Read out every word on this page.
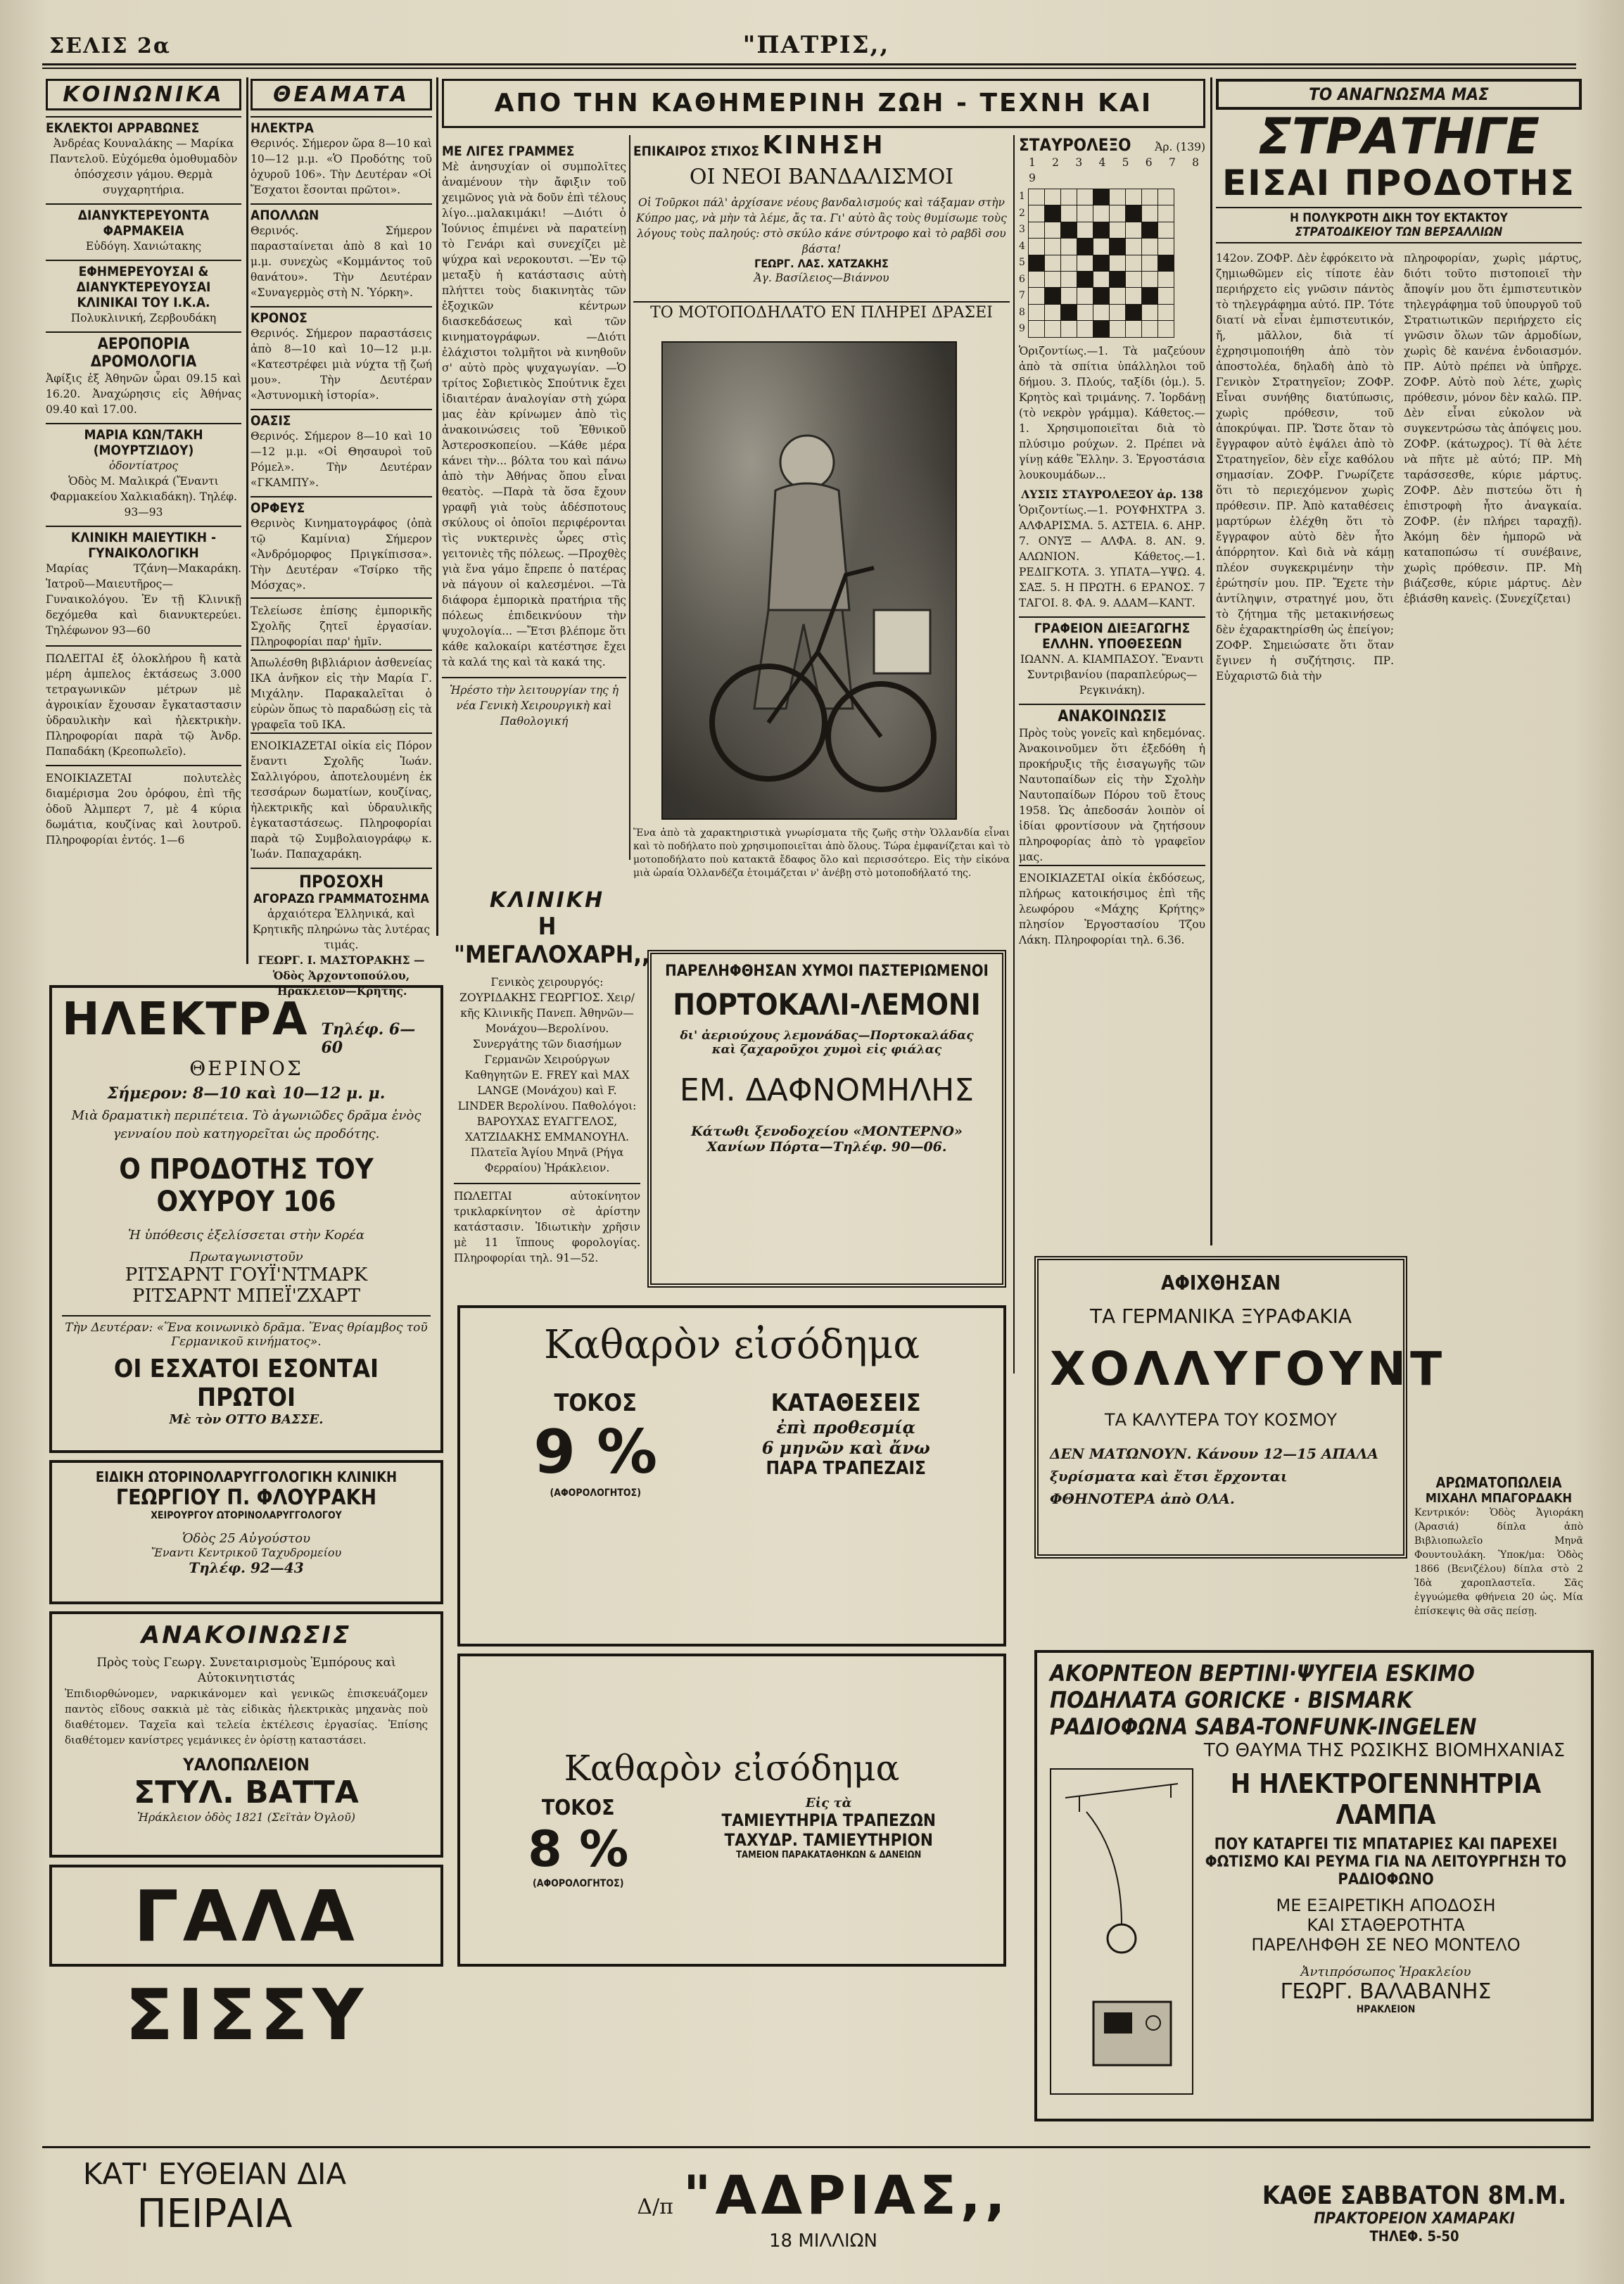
ΣΕΛΙΣ 2α	"ΠΑΤΡΙΣ,,
ΚΟΙΝΩΝΙΚΑ
ΕΚΛΕΚΤΟΙ ΑΡΡΑΒΩΝΕΣ
Ἀνδρέας Κουναλάκης — Μαρίκα Παντελοῦ. Εὐχόμεθα ὁμοθυμαδὸν ὁπόσχεσιν γάμου. Θερμὰ συγχαρητήρια.
ΔΙΑΝΥΚΤΕΡΕΥΟΝΤΑ ΦΑΡΜΑΚΕΙΑ
Εὐδόγη. Χανιώτακης
ΕΦΗΜΕΡΕΥΟΥΣΑΙ & ΔΙΑΝΥΚΤΕΡΕΥΟΥΣΑΙ ΚΛΙΝΙΚΑΙ ΤΟΥ Ι.Κ.Α.
Πολυκλινική, Ζερβουδάκη
ΑΕΡΟΠΟΡΙΑ ΔΡΟΜΟΛΟΓΙΑ
Ἀφίξις ἐξ Ἀθηνῶν ὧραι 09.15 καὶ 16.20. Ἀναχώρησις εἰς Ἀθήνας 09.40 καὶ 17.00.
ΜΑΡΙΑ ΚΩΝ/ΤΑΚΗ (ΜΟΥΡΤΖΙΔΟΥ)
ὀδοντίατρος
Ὁδὸς Μ. Μαλικρά (Ἔναντι Φαρμακείου Χαλκιαδάκη). Τηλέφ. 93—93
ΚΛΙΝΙΚΗ ΜΑΙΕΥΤΙΚΗ - ΓΥΝΑΙΚΟΛΟΓΙΚΗ
Μαρίας Τζάνη—Μακαράκη. Ἰατροῦ—Μαιευτῆρος—Γυναικολόγου. Ἐν τῇ Κλινικῇ δεχόμεθα καὶ διανυκτερεύει. Τηλέφωνον 93—60
ΠΩΛΕΙΤΑΙ ἐξ ὁλοκλήρου ἢ κατὰ μέρη ἀμπελος ἐκτάσεως 3.000 τετραγωνικῶν μέτρων μὲ ἀγροικίαν ἔχουσαν ἔγκαταστασιν ὑδραυλικὴν καὶ ἠλεκτρικὴν. Πληροφορίαι παρὰ τῷ Ἀνδρ. Παπαδάκη (Κρεοπωλεῖο).
ΕΝΟΙΚΙΑΖΕΤΑΙ πολυτελὲς διαμέρισμα 2ου ὀρόφου, ἐπὶ τῆς ὁδοῦ Ἀλμπερτ 7, μὲ 4 κύρια δωμάτια, κουζίνας καὶ λουτροῦ. Πληροφορίαι ἐντός. 1—6
ΘΕΑΜΑΤΑ
ΗΛΕΚΤΡΑ
Θερινός. Σήμερον ὥρα 8—10 καὶ 10—12 μ.μ. «Ὁ Προδότης τοῦ ὀχυροῦ 106». Τὴν Δευτέραν «Οἱ Ἔσχατοι ἔσονται πρῶτοι».
ΑΠΟΛΛΩΝ
Θερινός. Σήμερον παρασταίνεται ἀπὸ 8 καὶ 10 μ.μ. συνεχὼς «Κομμάντος τοῦ θανάτου». Τὴν Δευτέραν «Συναγερμὸς στὴ Ν. Ὑόρκη».
ΚΡΟΝΟΣ
Θερινός. Σήμερον παραστάσεις ἀπὸ 8—10 καὶ 10—12 μ.μ. «Κατεστρέφει μιὰ νύχτα τῇ ζωή μου». Τὴν Δευτέραν «Ἀστυνομικὴ ἱστορία».
ΟΑΣΙΣ
Θερινός. Σήμερον 8—10 καὶ 10—12 μ.μ. «Οἱ Θησαυροὶ τοῦ Ρόμελ». Τὴν Δευτέραν «ΓΚΑΜΠΥ».
ΟΡΦΕΥΣ
Θερινὸς Κινηματογράφος (ὀπὰ τῷ Καμίνια) Σήμερον «Ἀνδρόμορφος Πριγκίπισσα». Τὴν Δευτέραν «Τσίρκο τῆς Μόσχας».
Τελείωσε ἐπίσης ἐμπορικῆς Σχολῆς ζητεῖ ἐργασίαν. Πληροφορίαι παρ' ἡμῖν.
Ἀπωλέσθη βιβλιάριον ἀσθενείας ΙΚΑ ἀνῆκον εἰς τὴν Μαρία Γ. Μιχάλην. Παρακαλεῖται ὁ εὑρὼν ὅπως τὸ παραδώσῃ εἰς τὰ γραφεῖα τοῦ ΙΚΑ.
ΕΝΟΙΚΙΑΖΕΤΑΙ οἰκία εἰς Πόρον ἔναντι Σχολῆς Ἰωάν. Σαλλιγόρου, ἀποτελουμένη ἐκ τεσσάρων δωματίων, κουζίνας, ἠλεκτρικῆς καὶ ὑδραυλικῆς ἐγκαταστάσεως. Πληροφορίαι παρὰ τῷ Συμβολαιογράφῳ κ. Ἰωάν. Παπαχαράκη.
ΠΡΟΣΟΧΗ
ΑΓΟΡΑΖΩ ΓΡΑΜΜΑΤΟΣΗΜΑ
ἀρχαιότερα Ἑλληνικά, καὶ Κρητικῆς πληρώνω τὰς λυτέρας τιμάς.
ΓΕΩΡΓ. Ι. ΜΑΣΤΟΡΑΚΗΣ — Ὁδὸς Ἀρχοντοπούλου, Ἡρακλεῖον—Κρήτης.
ΑΠΟ ΤΗΝ ΚΑΘΗΜΕΡΙΝΗ ΖΩΗ - ΤΕΧΝΗ ΚΑΙ ΚΙΝΗΣΗ
ΜΕ ΛΙΓΕΣ ΓΡΑΜΜΕΣ
Μὲ ἀνησυχίαν οἱ συμπολῖτες ἀναμένουν τὴν ἄφιξιν τοῦ χειμῶνος γιὰ νὰ δοῦν ἐπὶ τέλους λίγο...μαλακιμάκι! —Διότι ὁ Ἰούνιος ἐπιμένει νὰ παρατείνῃ τὸ Γενάρι καὶ συνεχίζει μὲ ψύχρα καὶ νεροκουτσι. —Ἐν τῷ μεταξὺ ἡ κατάστασις αὐτὴ πλήττει τοὺς διακινητὰς τῶν ἐξοχικῶν κέντρων διασκεδάσεως καὶ τῶν κινηματογράφων. —Διότι ἐλάχιστοι τολμῆτοι νὰ κινηθοῦν σ' αὐτὸ πρὸς ψυχαγωγίαν. —Ὁ τρίτος Σοβιετικὸς Σπούτνικ ἔχει ἰδιαιτέραν ἀναλογίαν στὴ χώρα μας ἐὰν κρίνωμεν ἀπὸ τὶς ἀνακοινώσεις τοῦ Ἐθνικοῦ Ἀστεροσκοπείου. —Κάθε μέρα κάνει τὴν... βόλτα του καὶ πάνω ἀπὸ τὴν Ἀθήνας ὅπου εἶναι θεατὸς. —Παρὰ τὰ ὅσα ἔχουν γραφῆ γιὰ τοὺς ἀδέσποτους σκύλους οἱ ὁποῖοι περιφέρονται τὶς νυκτερινὲς ὧρες στὶς γειτονιὲς τῆς πόλεως. —Προχθὲς γιὰ ἕνα γάμο ἔπρεπε ὁ πατέρας νὰ πάγουν οἱ καλεσμένοι. —Τὰ διάφορα ἐμπορικὰ πρατήρια τῆς πόλεως ἐπιδεικνύουν τὴν ψυχολογία... —Ἔτσι βλέπομε ὅτι κάθε καλοκαίρι κατέστησε ἔχει τὰ καλά της καὶ τὰ κακά της.
Ἠρέστο τὴν λειτουργίαν της ἡ νέα Γενικὴ Χειρουργικὴ καὶ Παθολογική
ΕΠΙΚΑΙΡΟΣ ΣΤΙΧΟΣ
ΟΙ ΝΕΟΙ ΒΑΝΔΑΛΙΣΜΟΙ
Οἱ Τοῦρκοι πάλ' ἀρχίσανε νέους βανδαλισμούς καὶ τάξαμαν στὴν Κύπρο μας, νὰ μὴν τὰ λέμε, ἄς τα. Γι' αὐτὸ ἂς τοὺς θυμίσωμε τοὺς λόγους τοὺς παληούς: στὸ σκύλο κάνε σύντροφο καὶ τὸ ραβδὶ σου βάστα!
ΓΕΩΡΓ. ΛΑΣ. ΧΑΤΖΑΚΗΣ
Ἀγ. Βασίλειος—Βιάννου
ΤΟ ΜΟΤΟΠΟΔΗΛΑΤΟ ΕΝ ΠΛΗΡΕΙ ΔΡΑΣΕΙ
Ἕνα ἀπὸ τὰ χαρακτηριστικὰ γνωρίσματα τῆς ζωῆς στὴν Ὁλλανδία εἶναι καὶ τὸ ποδήλατο ποὺ χρησιμοποιεῖται ἀπὸ ὅλους. Τώρα ἐμφανίζεται καὶ τὸ μοτοποδήλατο ποὺ κατακτᾶ ἔδαφος ὅλο καὶ περισσότερο. Εἰς τὴν εἰκόνα μιὰ ὡραία Ὁλλανδέζα ἑτοιμάζεται ν' ἀνέβῃ στὸ μοτοποδήλατό της.
ΣΤΑΥΡΟΛΕΞΟ Ἀρ. (139)
1 2 3 4 5 6 7 8 9
1
2
3
4
5
6
7
8
9

Ὁριζοντίως.—1. Τὰ μαζεύουν ἀπὸ τὰ σπίτια ὑπάλληλοι τοῦ δήμου. 3. Πλούς, ταξίδι (ὁμ.). 5. Κρητὸς καὶ τριμάνης. 7. Ἰορδάνῃ (τὸ νεκρὸν γράμμα). Κάθετος.—1. Χρησιμοποιεῖται διὰ τὸ πλύσιμο ρούχων. 2. Πρέπει νὰ γίνῃ κάθε Ἕλλην. 3. Ἐργοστάσια λουκουμάδων...
ΛΥΣΙΣ ΣΤΑΥΡΟΛΕΞΟΥ ἀρ. 138
Ὁριζοντίως.—1. ΡΟΥΦΗΧΤΡΑ 3. ΑΛΦΑΡΙΣΜΑ. 5. ΑΣΤΕΙΑ. 6. ΑΗΡ. 7. ΟΝΥΞ — ΑΛΦΑ. 8. ΑΝ. 9. ΑΛΩΝΙΟΝ. Κάθετος.—1. ΡΕΔΙΓΚΟΤΑ. 3. ΥΠΑΤΑ—ΥΨΩ. 4. ΣΑΞ. 5. Η ΠΡΩΤΗ. 6 ΕΡΑΝΟΣ. 7 ΤΑΓΟΙ. 8. ΦΑ. 9. ΑΔΑΜ—ΚΑΝΤ.
ΓΡΑΦΕΙΟΝ ΔΙΕΞΑΓΩΓΗΣ ΕΛΛΗΝ. ΥΠΟΘΕΣΕΩΝ
ΙΩΑΝΝ. Α. ΚΙΑΜΠΑΣΟΥ. Ἔναντι Συντριβανίου (παραπλεύρως—Ρεγκινάκη).
ΑΝΑΚΟΙΝΩΣΙΣ
Πρὸς τοὺς γονεῖς καὶ κηδεμόνας. Ἀνακοινοῦμεν ὅτι ἐξεδόθη ἡ προκήρυξις τῆς ἐισαγωγῆς τῶν Ναυτοπαίδων εἰς τὴν Σχολὴν Ναυτοπαίδων Πόρου τοῦ ἔτους 1958. Ὡς ἀπεδοσάν λοιπὸν οἱ ἰδίαι φροντίσουν νὰ ζητήσουν πληροφορίας ἀπὸ τὸ γραφεῖον μας.
ΕΝΟΙΚΙΑΖΕΤΑΙ οἰκία ἐκδόσεως, πλήρως κατοικήσιμος ἐπὶ τῆς λεωφόρου «Μάχης Κρήτης» πλησίον Ἐργοστασίου Τζου Λάκη. Πληροφορίαι τηλ. 6.36.
ΤΟ ΑΝΑΓΝΩΣΜΑ ΜΑΣ
ΣΤΡΑΤΗΓΕ
ΕΙΣΑΙ ΠΡΟΔΟΤΗΣ
Η ΠΟΛΥΚΡΟΤΗ ΔΙΚΗ ΤΟΥ ΕΚΤΑΚΤΟΥ
ΣΤΡΑΤΟΔΙΚΕΙΟΥ ΤΩΝ ΒΕΡΣΑΛΛΙΩΝ
142ον. ΖΟΦΡ. Δὲν ἐφρόκειτο νὰ ζημιωθῶμεν εἰς τίποτε ἐὰν περιήρχετο εἰς γνῶσιν πάντὸς τὸ τηλεγράφημα αὐτό. ΠΡ. Τότε διατί νὰ εἶναι ἐμπιστευτικόν, ἤ, μᾶλλον, διὰ τί ἐχρησιμοποιήθη ἀπὸ τὸν ἀποστολέα, δηλαδὴ ἀπὸ τὸ Γενικὸν Στρατηγεῖον; ΖΟΦΡ. Εἶναι συνήθης διατύπωσις, χωρὶς πρόθεσιν, τοῦ ἀποκρύψαι. ΠΡ. Ὥστε ὅταν τὸ ἔγγραφον αὐτὸ ἐψάλει ἀπὸ τὸ Στρατηγεῖον, δὲν εἶχε καθόλου σημασίαν. ΖΟΦΡ. Γνωρίζετε ὅτι τὸ περιεχόμενον χωρὶς πρόθεσιν. ΠΡ. Ἀπὸ καταθέσεις μαρτύρων ἐλέχθη ὅτι τὸ ἔγγραφον αὐτὸ δὲν ἦτο ἀπόρρητον. Καὶ διὰ νὰ κάμῃ πλέον συγκεκριμένην τὴν ἐρώτησίν μου. ΠΡ. Ἔχετε τὴν ἀντίληψιν, στρατηγέ μου, ὅτι τὸ ζήτημα τῆς μετακινήσεως δὲν ἐχαρακτηρίσθη ὡς ἐπείγον; ΖΟΦΡ. Σημειώσατε ὅτι ὅταν ἔγινεν ἡ συζήτησις. ΠΡ. Εὐχαριστῶ διὰ τὴν
πληροφορίαν, χωρὶς μάρτυς, διότι τοῦτο πιστοποιεῖ τὴν ἄποψίν μου ὅτι ἐμπιστευτικὸν τηλεγράφημα τοῦ ὑπουργοῦ τοῦ Στρατιωτικῶν περιήρχετο εἰς γνῶσιν ὅλων τῶν ἀρμοδίων, χωρὶς δὲ κανένα ἐνδοιασμόν. ΠΡ. Αὐτὸ πρέπει νὰ ὑπῆρχε. ΖΟΦΡ. Αὐτὸ ποὺ λέτε, χωρὶς πρόθεσιν, μόνον δὲν καλῶ. ΠΡ. Δὲν εἶναι εὐκολον νὰ συγκεντρώσω τὰς ἀπόψεις μου. ΖΟΦΡ. (κάτωχρος). Τί θὰ λέτε νὰ πῆτε μὲ αὐτό; ΠΡ. Μὴ ταράσσεσθε, κύριε μάρτυς. ΖΟΦΡ. Δὲν πιστεύω ὅτι ἡ ἐπιστροφὴ ἦτο ἀναγκαία. ΖΟΦΡ. (ἐν πλήρει ταραχῇ). Ἀκόμη δὲν ἠμπορῶ νὰ καταποπώσω τί συνέβαινε, χωρὶς πρόθεσιν. ΠΡ. Μὴ βιάζεσθε, κύριε μάρτυς. Δὲν ἐβιάσθη κανεὶς. (Συνεχίζεται)
ΗΛΕΚΤΡΑ Τηλέφ. 6—60
ΘΕΡΙΝΟΣ
Σήμερον: 8—10 καὶ 10—12 μ. μ.
Μιὰ δραματικὴ περιπέτεια. Τὸ ἀγωνιῶδες δρᾶμα ἑνὸς γενναίου ποὺ κατηγορεῖται ὡς προδότης.
Ο ΠΡΟΔΟΤΗΣ ΤΟΥ ΟΧΥΡΟΥ 106
Ἡ ὑπόθεσις ἐξελίσσεται στὴν Κορέα
Πρωταγωνιστοῦν
ΡΙΤΣΑΡΝΤ ΓΟΥΪ'ΝΤΜΑΡΚ
ΡΙΤΣΑΡΝΤ ΜΠΕΪ'ΖΧΑΡΤ
Τὴν Δευτέραν: «Ἕνα κοινωνικὸ δρᾶμα. Ἕνας θρίαμβος τοῦ Γερμανικοῦ κινήματος».
ΟΙ ΕΣΧΑΤΟΙ ΕΣΟΝΤΑΙ ΠΡΩΤΟΙ
Μὲ τὸν ΟΤΤΟ ΒΑΣΣΕ.
ΕΙΔΙΚΗ ΩΤΟΡΙΝΟΛΑΡΥΓΓΟΛΟΓΙΚΗ ΚΛΙΝΙΚΗ
ΓΕΩΡΓΙΟΥ Π. ΦΛΟΥΡΑΚΗ
ΧΕΙΡΟΥΡΓΟΥ ΩΤΟΡΙΝΟΛΑΡΥΓΓΟΛΟΓΟΥ
Ὁδὸς 25 Αὐγούστου
Ἔναντι Κεντρικοῦ Ταχυδρομείου
Τηλέφ. 92—43
ΑΝΑΚΟΙΝΩΣΙΣ
Πρὸς τοὺς Γεωργ. Συνεταιρισμοὺς Ἐμπόρους καὶ Αὐτοκινητιστάς
Ἐπιδιορθώνομεν, ναρκικάνομεν καὶ γενικῶς ἐπισκευάζομεν παντὸς εἴδους σακκιὰ μὲ τὰς εἰδικὰς ἠλεκτρικὰς μηχανὰς ποὺ διαθέτομεν. Ταχεῖα καὶ τελεία ἐκτέλεσις ἐργασίας. Ἐπίσης διαθέτομεν κανίστρες γεμάνικες ἐν ὀρίστῃ καταστάσει.
ΥΑΛΟΠΩΛΕΙΟΝ
ΣΤΥΛ. ΒΑΤΤΑ
Ἡράκλειον ὁδὸς 1821 (Σεϊτὰν Ὀγλοῦ)
ΓΑΛΑ ΣΙΣΣΥ
ΚΛΙΝΙΚΗ
Η "ΜΕΓΑΛΟΧΑΡΗ,,
Γενικὸς χειρουργός: ΖΟΥΡΙΔΑΚΗΣ ΓΕΩΡΓΙΟΣ. Χειρ/κῆς Κλινικῆς Πανεπ. Ἀθηνῶν—Μονάχου—Βερολίνου. Συνεργάτης τῶν διασήμων Γερμανῶν Χειρούργων Καθηγητῶν E. FREY καὶ MAX LANGE (Μονάχου) καὶ F. LINDER Βερολίνου. Παθολόγοι: ΒΑΡΟΥΧΑΣ ΕΥΑΓΓΕΛΟΣ, ΧΑΤΖΙΔΑΚΗΣ ΕΜΜΑΝΟΥΗΛ. Πλατεῖα Ἁγίου Μηνᾶ (Ρήγα Φερραίου) Ἡράκλειον.
ΠΩΛΕΙΤΑΙ αὐτοκίνητον τρικλαρκίνητον σὲ ἀρίστην κατάστασιν. Ἰδιωτικὴν χρῆσιν μὲ 11 ἵππους φορολογίας. Πληροφορίαι τηλ. 91—52.
ΠΑΡΕΛΗΦΘΗΣΑΝ ΧΥΜΟΙ ΠΑΣΤΕΡΙΩΜΕΝΟΙ
ΠΟΡΤΟΚΑΛΙ-ΛΕΜΟΝΙ
δι' ἀεριούχους λεμονάδας—Πορτοκαλάδας
καὶ ζαχαροῦχοι χυμοὶ εἰς φιάλας
ΕΜ. ΔΑΦΝΟΜΗΛΗΣ
Κάτωθι ξενοδοχείου «ΜΟΝΤΕΡΝΟ»
Χανίων Πόρτα—Τηλέφ. 90—06.
Καθαρὸν εἰσόδημα
ΤΟΚΟΣ
9 %
(ΑΦΟΡΟΛΟΓΗΤΟΣ)
ΚΑΤΑΘΕΣΕΙΣ
ἐπὶ προθεσμίᾳ
6 μηνῶν καὶ ἄνω
ΠΑΡΑ ΤΡΑΠΕΖΑΙΣ
Καθαρὸν εἰσόδημα
ΤΟΚΟΣ
8 %
(ΑΦΟΡΟΛΟΓΗΤΟΣ)
Εἰς τὰ
ΤΑΜΙΕΥΤΗΡΙΑ ΤΡΑΠΕΖΩΝ
ΤΑΧΥΔΡ. ΤΑΜΙΕΥΤΗΡΙΟΝ
ΤΑΜΕΙΟΝ ΠΑΡΑΚΑΤΑΘΗΚΩΝ & ΔΑΝΕΙΩΝ
ΑΦΙΧΘΗΣΑΝ
ΤΑ ΓΕΡΜΑΝΙΚΑ ΞΥΡΑΦΑΚΙΑ
ΧΟΛΛΥΓΟΥΝΤ
ΤΑ ΚΑΛΥΤΕΡΑ ΤΟΥ ΚΟΣΜΟΥ
ΔΕΝ ΜΑΤΩΝΟΥΝ. Κάνουν 12—15 ΑΠΑΛΑ ξυρίσματα καὶ ἔτσι ἔρχονται ΦΘΗΝΟΤΕΡΑ ἀπὸ ΟΛΑ.
ΑΡΩΜΑΤΟΠΩΛΕΙΑ
ΜΙΧΑΗΛ ΜΠΑΓΟΡΔΑΚΗ
Κεντρικόν: Ὁδὸς Ἀγιοράκη (Ἀρασιά) δίπλα ἀπὸ Βιβλιοπωλεῖο Μηνᾶ Φουντουλάκη. Ὑποκ/μα: Ὁδὸς 1866 (Βενιζέλου) δίπλα στὸ 2 Ἰδὰ χαροπλαστεῖα. Σᾶς ἐγγυώμεθα φθήνεια 20 ὡς. Μία ἐπίσκεψις θὰ σᾶς πείσῃ.
ΑΚΟΡΝΤΕΟΝ ΒΕΡΤΙΝΙ·ΨΥΓΕΙΑ ESKIMO
ΠΟΔΗΛΑΤΑ GORICKE · BISMARK
ΡΑΔΙΟΦΩΝΑ SABA-TONFUNK-INGELEN
ΤΟ ΘΑΥΜΑ ΤΗΣ ΡΩΣΙΚΗΣ ΒΙΟΜΗΧΑΝΙΑΣ
Η ΗΛΕΚΤΡΟΓΕΝΝΗΤΡΙΑ ΛΑΜΠΑ
ΠΟΥ ΚΑΤΑΡΓΕΙ ΤΙΣ ΜΠΑΤΑΡΙΕΣ ΚΑΙ ΠΑΡΕΧΕΙ ΦΩΤΙΣΜΟ ΚΑΙ ΡΕΥΜΑ ΓΙΑ ΝΑ ΛΕΙΤΟΥΡΓΗΣΗ ΤΟ ΡΑΔΙΟΦΩΝΟ
ΜΕ ΕΞΑΙΡΕΤΙΚΗ ΑΠΟΔΟΣΗ
ΚΑΙ ΣΤΑΘΕΡΟΤΗΤΑ
ΠΑΡΕΛΗΦΘΗ ΣΕ ΝΕΟ ΜΟΝΤΕΛΟ
Ἀντιπρόσωπος Ἡρακλείου
ΓΕΩΡΓ. ΒΑΛΑΒΑΝΗΣ
ΗΡΑΚΛΕΙΟΝ
ΚΑΤ' ΕΥΘΕΙΑΝ ΔΙΑ
ΠΕΙΡΑΙΑ	Δ/π "ΑΔΡΙΑΣ,,
18 ΜΙΛΛΙΩΝ
ΚΑΘΕ ΣΑΒΒΑΤΟΝ 8Μ.Μ.
ΠΡΑΚΤΟΡΕΙΟΝ ΧΑΜΑΡΑΚΙ
ΤΗΛΕΦ. 5-50
